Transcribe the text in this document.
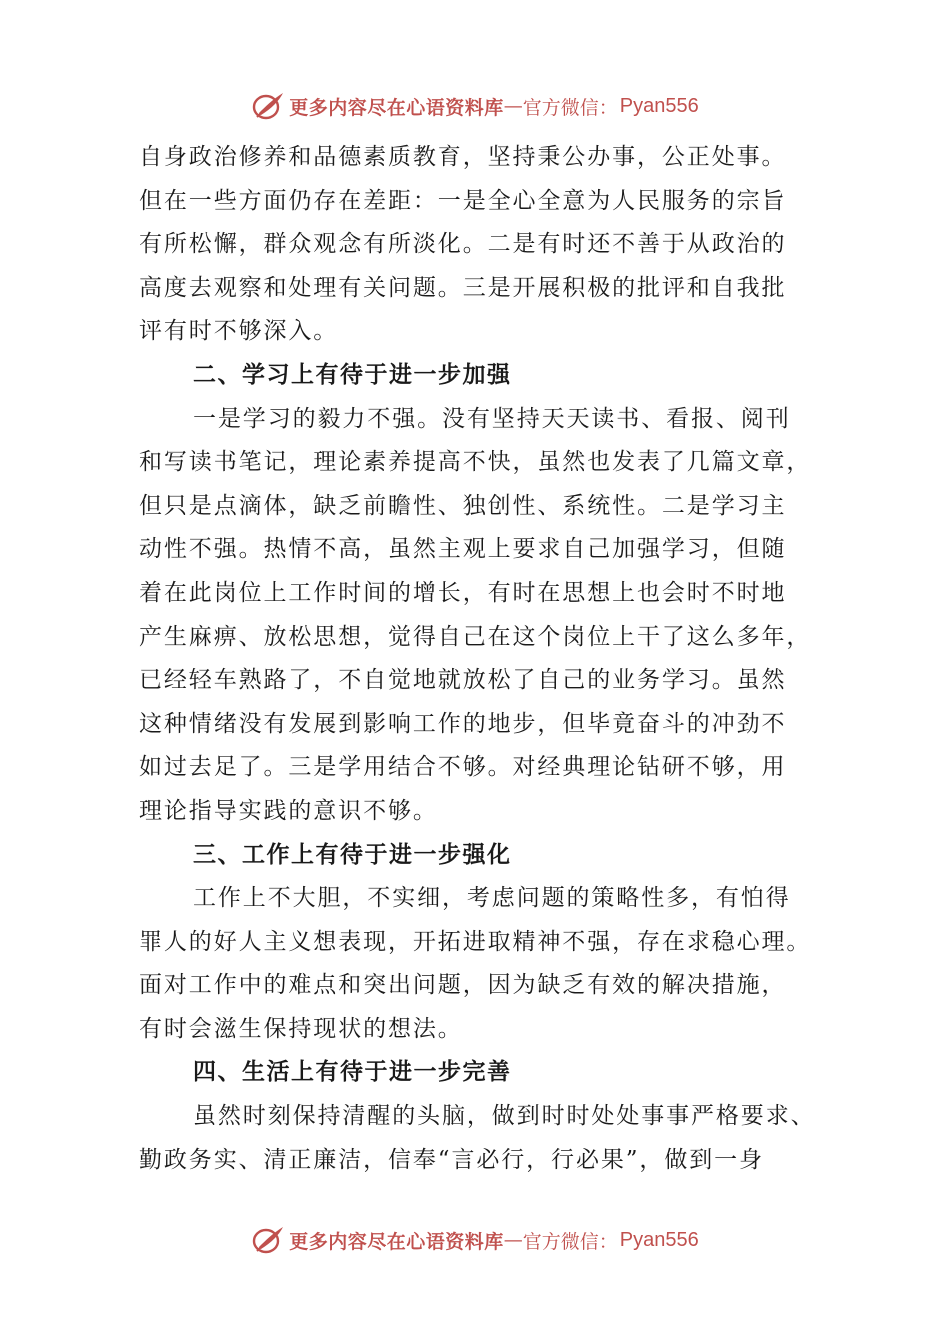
更多内容尽在心语资料库 — 官方微信： Pyan556
自身政治修养和品德素质教育，坚持秉公办事，公正处事。
但在一些方面仍存在差距：一是全心全意为人民服务的宗旨
有所松懈，群众观念有所淡化。二是有时还不善于从政治的
高度去观察和处理有关问题。三是开展积极的批评和自我批
评有时不够深入。
二、学习上有待于进一步加强
一是学习的毅力不强。没有坚持天天读书、看报、阅刊
和写读书笔记，理论素养提高不快，虽然也发表了几篇文章，
但只是点滴体，缺乏前瞻性、独创性、系统性。二是学习主
动性不强。热情不高，虽然主观上要求自己加强学习，但随
着在此岗位上工作时间的增长，有时在思想上也会时不时地
产生麻痹、放松思想，觉得自己在这个岗位上干了这么多年，
已经轻车熟路了，不自觉地就放松了自己的业务学习。虽然
这种情绪没有发展到影响工作的地步，但毕竟奋斗的冲劲不
如过去足了。三是学用结合不够。对经典理论钻研不够，用
理论指导实践的意识不够。
三、工作上有待于进一步强化
工作上不大胆，不实细，考虑问题的策略性多，有怕得
罪人的好人主义想表现，开拓进取精神不强，存在求稳心理。
面对工作中的难点和突出问题，因为缺乏有效的解决措施，
有时会滋生保持现状的想法。
四、生活上有待于进一步完善
虽然时刻保持清醒的头脑，做到时时处处事事严格要求、
勤政务实、清正廉洁，信奉“言必行，行必果”，做到一身
更多内容尽在心语资料库 — 官方微信： Pyan556
